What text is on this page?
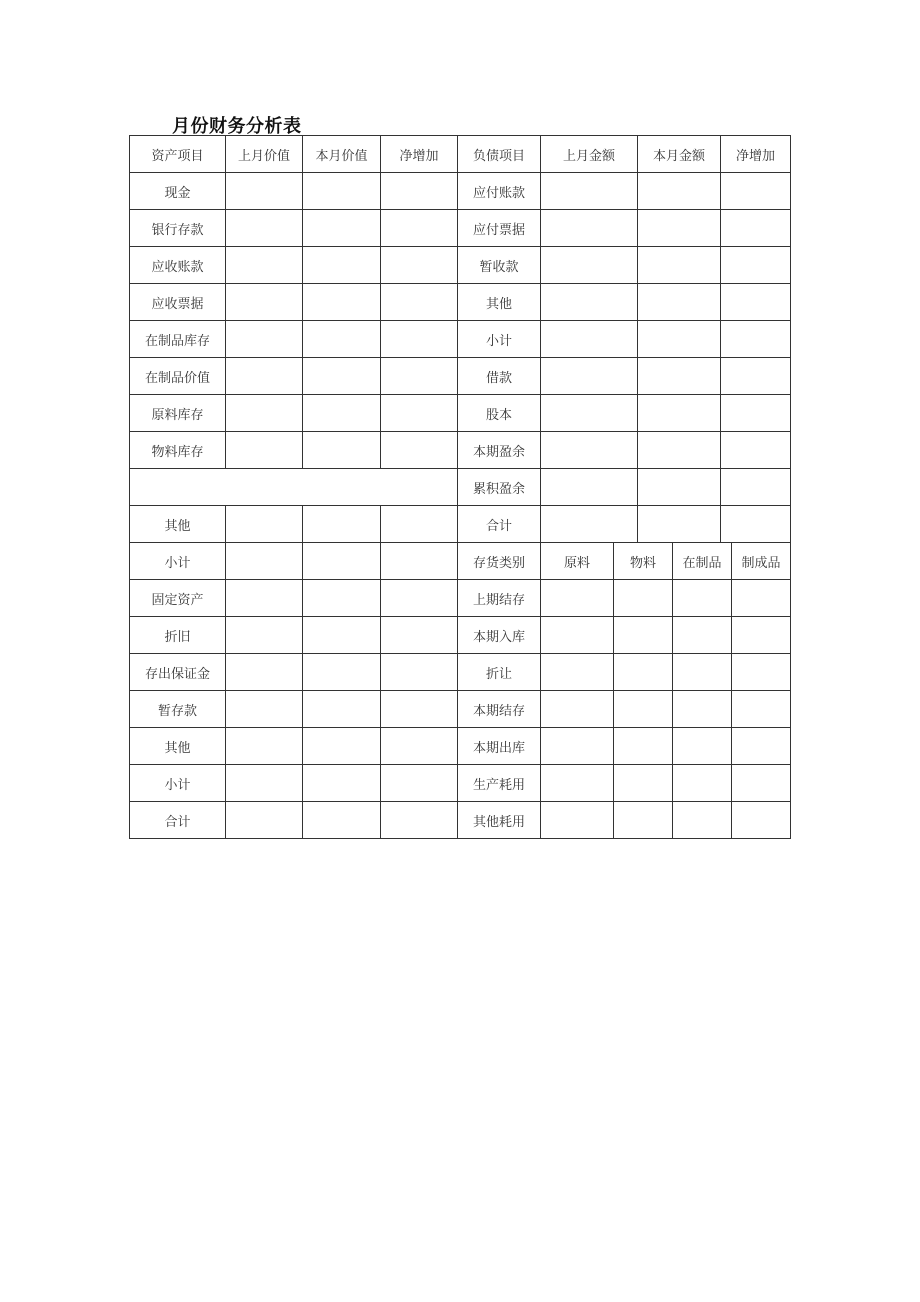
月份财务分析表
资产项目	上月价值	本月价值	净增加	负债项目	上月金额		本月金额		净增加	
现金				应付账款						
银行存款				应付票据						
应收账款				暂收款						
应收票据				其他						
在制品库存				小计						
在制品价值				借款						
原料库存				股本						
物料库存				本期盈余						
				累积盈余						
其他				合计						
小计				存货类别	原料	物料		在制品		制成品
固定资产				上期结存						
折旧				本期入库						
存出保证金				折让						
暂存款				本期结存						
其他				本期出库						
小计				生产耗用						
合计				其他耗用						
